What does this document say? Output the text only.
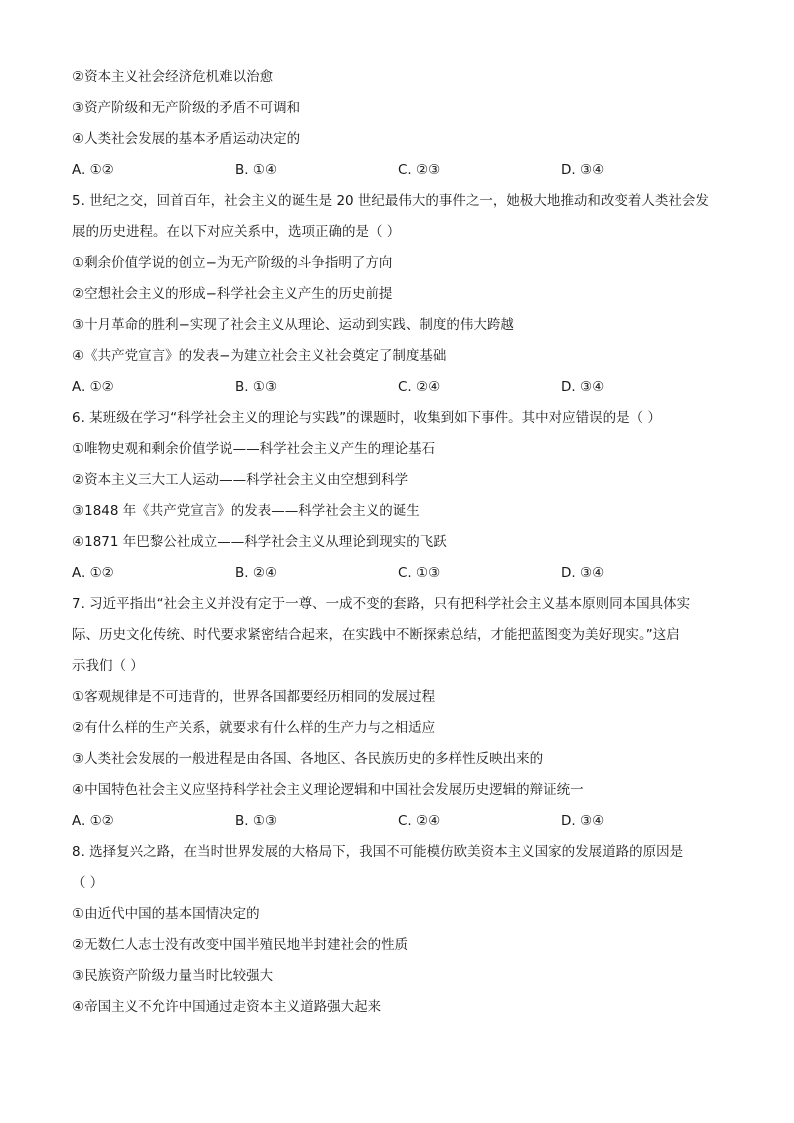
②资本主义社会经济危机难以治愈
③资产阶级和无产阶级的矛盾不可调和
④人类社会发展的基本矛盾运动决定的
A. ①②	B. ①④	C. ②③	D. ③④
5. 世纪之交，回首百年，社会主义的诞生是 20 世纪最伟大的事件之一，她极大地推动和改变着人类社会发
展的历史进程。在以下对应关系中，选项正确的是（ ）
①剩余价值学说的创立−为无产阶级的斗争指明了方向
②空想社会主义的形成−科学社会主义产生的历史前提
③十月革命的胜利−实现了社会主义从理论、运动到实践、制度的伟大跨越
④《共产党宣言》的发表−为建立社会主义社会奠定了制度基础
A. ①②	B. ①③	C. ②④	D. ③④
6. 某班级在学习“科学社会主义的理论与实践”的课题时，收集到如下事件。其中对应错误的是（ ）
①唯物史观和剩余价值学说——科学社会主义产生的理论基石
②资本主义三大工人运动——科学社会主义由空想到科学
③1848 年《共产党宣言》的发表——科学社会主义的诞生
④1871 年巴黎公社成立——科学社会主义从理论到现实的飞跃
A. ①②	B. ②④	C. ①③	D. ③④
7. 习近平指出“社会主义并没有定于一尊、一成不变的套路，只有把科学社会主义基本原则同本国具体实
际、历史文化传统、时代要求紧密结合起来，在实践中不断探索总结，才能把蓝图变为美好现实。”这启
示我们（ ）
①客观规律是不可违背的，世界各国都要经历相同的发展过程
②有什么样的生产关系，就要求有什么样的生产力与之相适应
③人类社会发展的一般进程是由各国、各地区、各民族历史的多样性反映出来的
④中国特色社会主义应坚持科学社会主义理论逻辑和中国社会发展历史逻辑的辩证统一
A. ①②	B. ①③	C. ②④	D. ③④
8. 选择复兴之路，在当时世界发展的大格局下，我国不可能模仿欧美资本主义国家的发展道路的原因是
（ ）
①由近代中国的基本国情决定的
②无数仁人志士没有改变中国半殖民地半封建社会的性质
③民族资产阶级力量当时比较强大
④帝国主义不允许中国通过走资本主义道路强大起来
